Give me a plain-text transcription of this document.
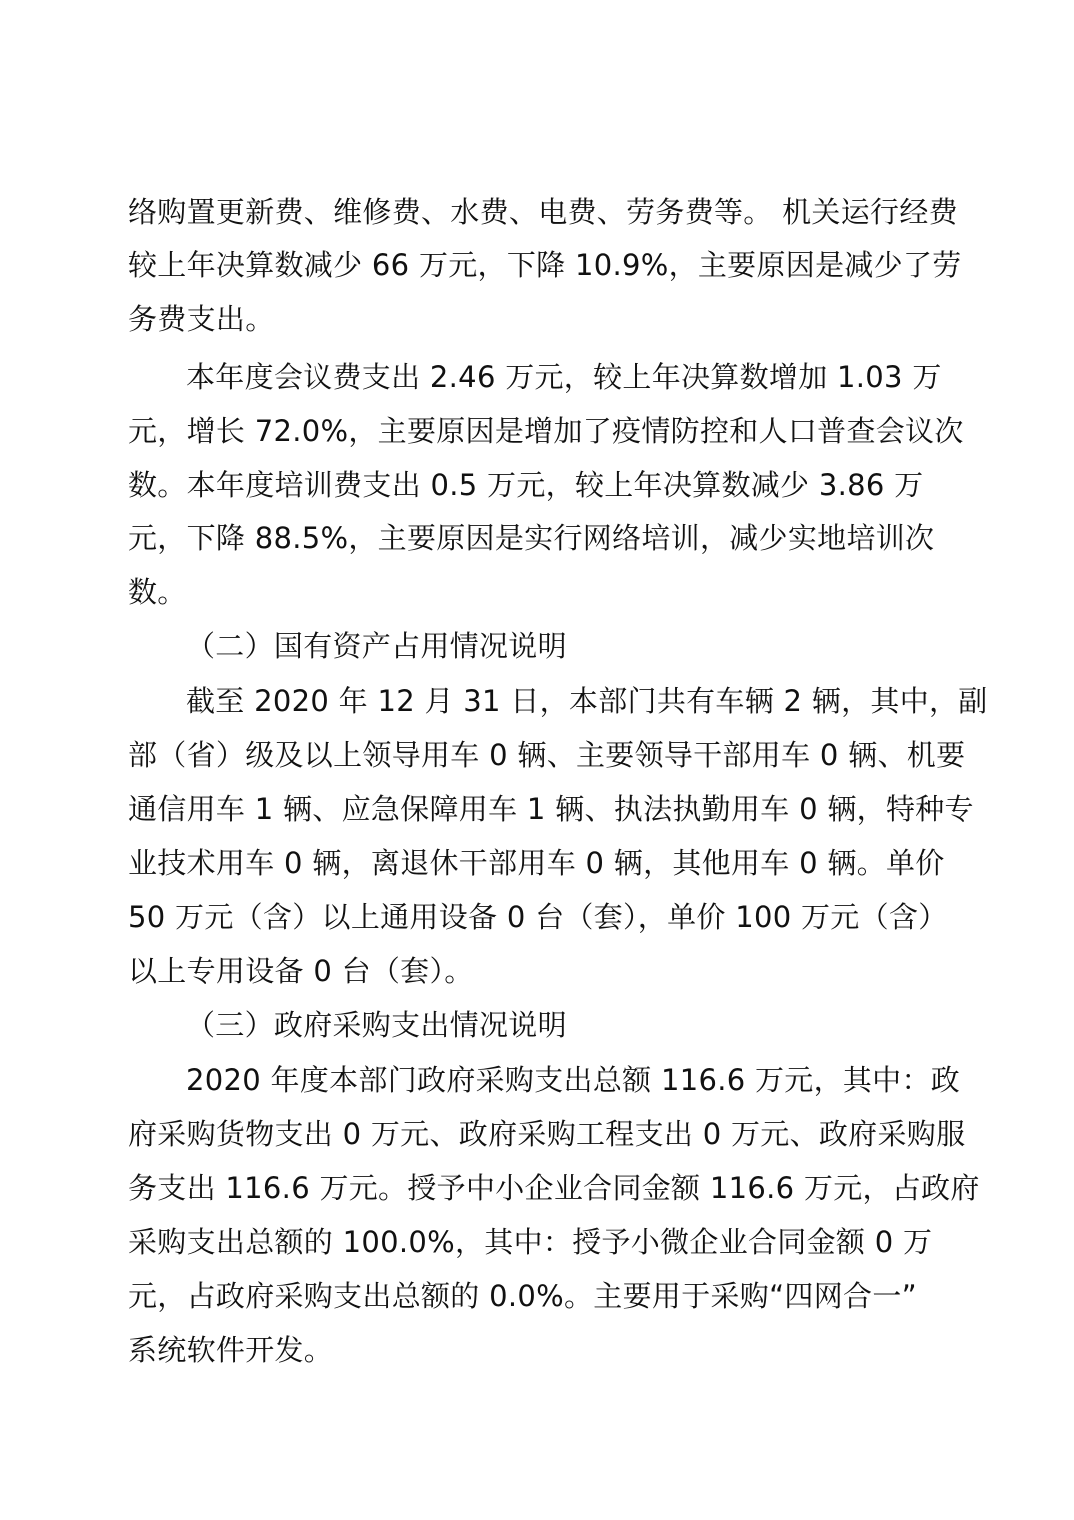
络购置更新费、维修费、水费、电费、劳务费等。 机关运行经费
较上年决算数减少 66 万元，下降 10.9%，主要原因是减少了劳
务费支出。
本年度会议费支出 2.46 万元，较上年决算数增加 1.03 万
元，增长 72.0%，主要原因是增加了疫情防控和人口普查会议次
数。本年度培训费支出 0.5 万元，较上年决算数减少 3.86 万
元，下降 88.5%，主要原因是实行网络培训，减少实地培训次
数。
（二）国有资产占用情况说明
截至 2020 年 12 月 31 日，本部门共有车辆 2 辆，其中，副
部（省）级及以上领导用车 0 辆、主要领导干部用车 0 辆、机要
通信用车 1 辆、应急保障用车 1 辆、执法执勤用车 0 辆，特种专
业技术用车 0 辆，离退休干部用车 0 辆，其他用车 0 辆。单价
50 万元（含）以上通用设备 0 台（套），单价 100 万元（含）
以上专用设备 0 台（套）。
（三）政府采购支出情况说明
2020 年度本部门政府采购支出总额 116.6 万元，其中：政
府采购货物支出 0 万元、政府采购工程支出 0 万元、政府采购服
务支出 116.6 万元。授予中小企业合同金额 116.6 万元，占政府
采购支出总额的 100.0%，其中：授予小微企业合同金额 0 万
元，占政府采购支出总额的 0.0%。主要用于采购“四网合一”
系统软件开发。
